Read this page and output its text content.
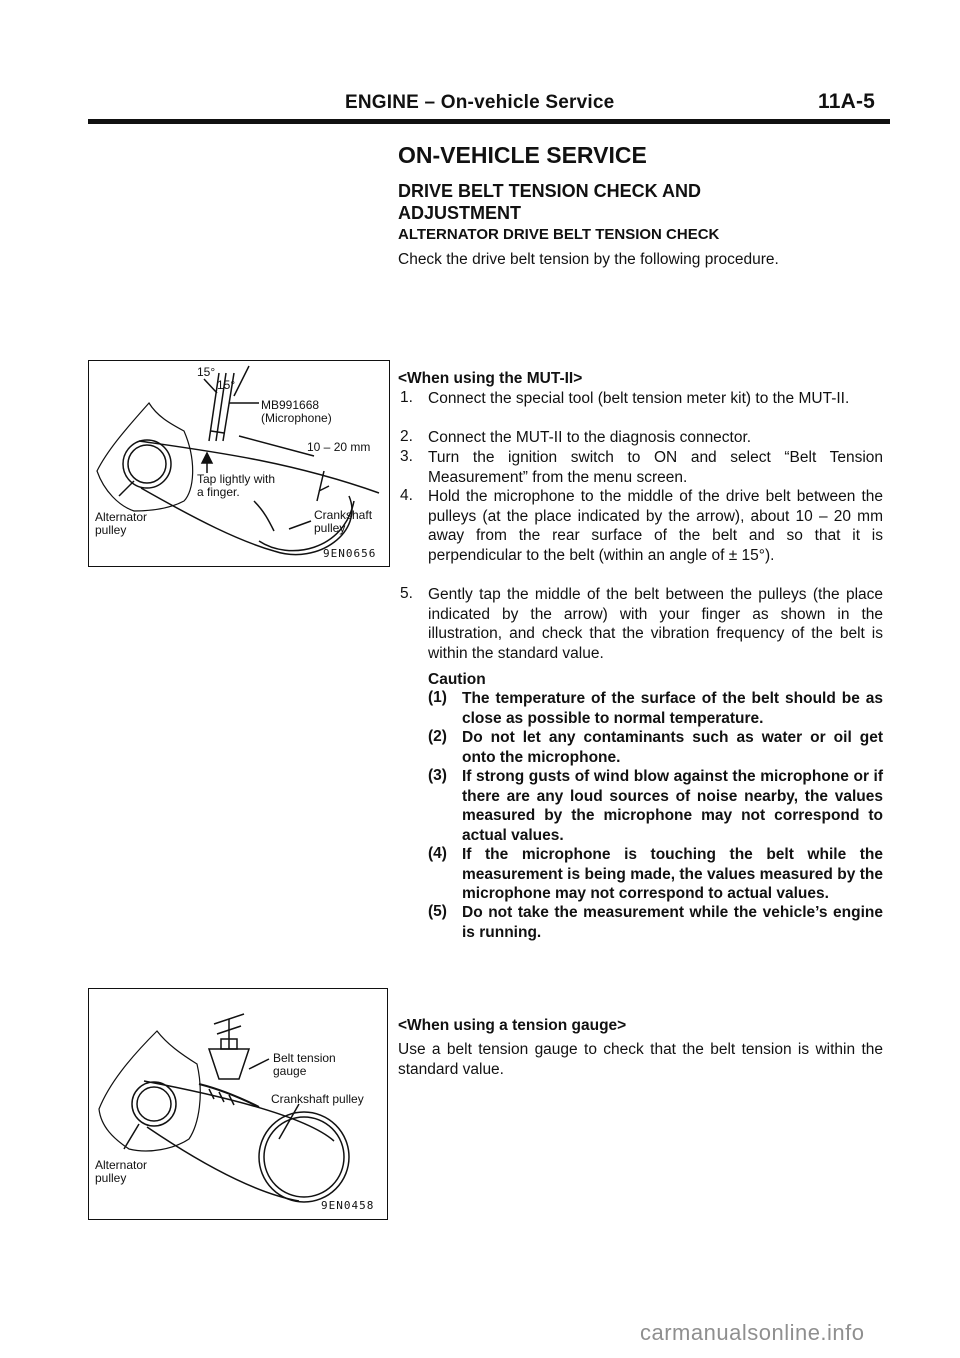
ENGINE – On-vehicle Service	11A-5
ON-VEHICLE SERVICE
DRIVE BELT TENSION CHECK AND ADJUSTMENT
ALTERNATOR DRIVE BELT TENSION CHECK
Check the drive belt tension by the following procedure.
<When using the MUT-II>
1. Connect the special tool (belt tension meter kit) to the MUT-II.
2. Connect the MUT-II to the diagnosis connector.
3. Turn the ignition switch to ON and select “Belt Tension Measurement” from the menu screen.
4. Hold the microphone to the middle of the drive belt between the pulleys (at the place indicated by the arrow), about 10 – 20 mm away from the rear surface of the belt and so that it is perpendicular to the belt (within an angle of ± 15°).
5. Gently tap the middle of the belt between the pulleys (the place indicated by the arrow) with your finger as shown in the illustration, and check that the vibration frequency of the belt is within the standard value.
Caution
(1) The temperature of the surface of the belt should be as close as possible to normal temperature.
(2) Do not let any contaminants such as water or oil get onto the microphone.
(3) If strong gusts of wind blow against the microphone or if there are any loud sources of noise nearby, the values measured by the microphone may not correspond to actual values.
(4) If the microphone is touching the belt while the measurement is being made, the values measured by the microphone may not correspond to actual values.
(5) Do not take the measurement while the vehicle’s engine is running.
<When using a tension gauge>
Use a belt tension gauge to check that the belt tension is within the standard value.
15°
15°
MB991668
(Microphone)
10 – 20 mm
Tap lightly with
a finger.
Alternator
pulley
Crankshaft
pulley
9EN0656
Belt tension
gauge
Crankshaft pulley
Alternator
pulley
9EN0458
carmanualsonline.info
